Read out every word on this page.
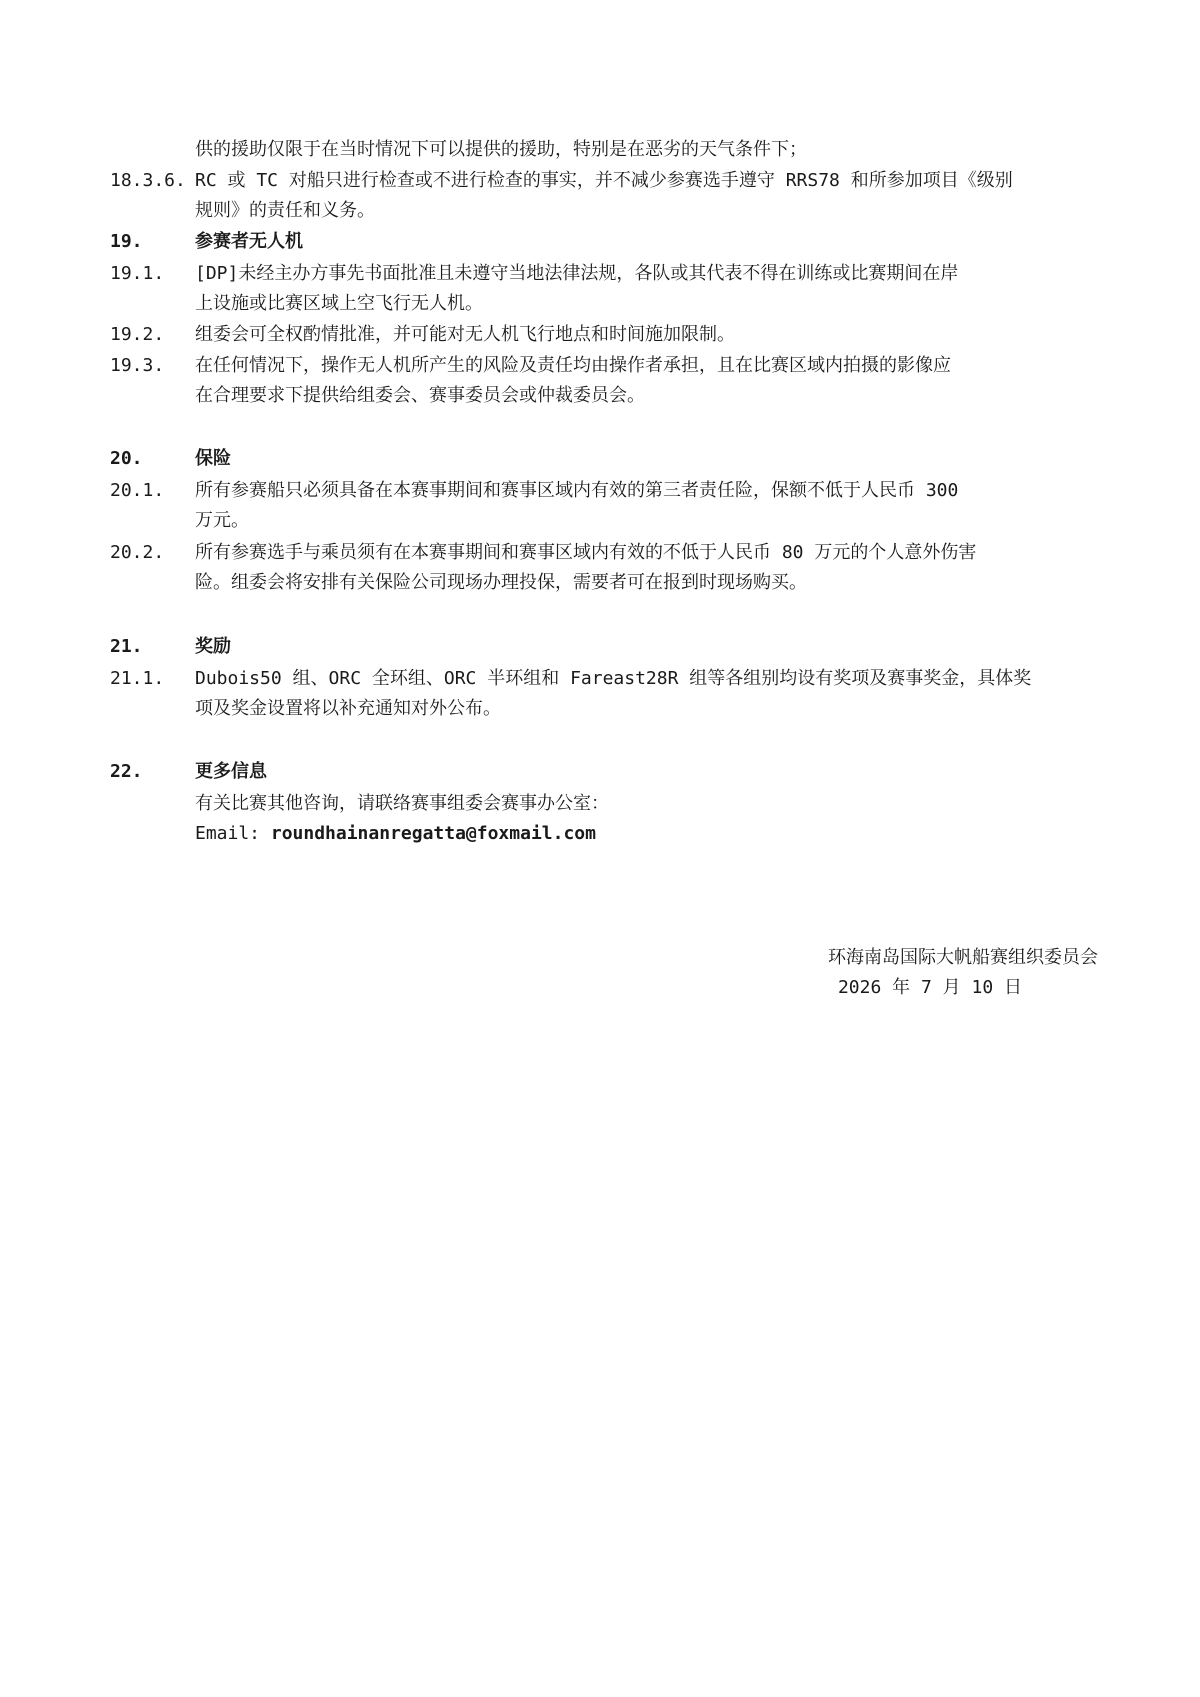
供的援助仅限于在当时情况下可以提供的援助，特别是在恶劣的天气条件下；
18.3.6. RC 或 TC 对船只进行检查或不进行检查的事实，并不减少参赛选手遵守 RRS78 和所参加项目《级别
规则》的责任和义务。
19.	参赛者无人机
19.1. [DP]未经主办方事先书面批准且未遵守当地法律法规，各队或其代表不得在训练或比赛期间在岸
上设施或比赛区域上空飞行无人机。
19.2. 组委会可全权酌情批准，并可能对无人机飞行地点和时间施加限制。
19.3. 在任何情况下，操作无人机所产生的风险及责任均由操作者承担，且在比赛区域内拍摄的影像应
在合理要求下提供给组委会、赛事委员会或仲裁委员会。
20.	保险
20.1. 所有参赛船只必须具备在本赛事期间和赛事区域内有效的第三者责任险，保额不低于人民币 300
万元。
20.2. 所有参赛选手与乘员须有在本赛事期间和赛事区域内有效的不低于人民币 80 万元的个人意外伤害
险。组委会将安排有关保险公司现场办理投保，需要者可在报到时现场购买。
21.	奖励
21.1. Dubois50 组、ORC 全环组、ORC 半环组和 Fareast28R 组等各组别均设有奖项及赛事奖金，具体奖
项及奖金设置将以补充通知对外公布。
22.	更多信息
有关比赛其他咨询，请联络赛事组委会赛事办公室：
Email: roundhainanregatta@foxmail.com
环海南岛国际大帆船赛组织委员会
2026 年 7 月 10 日
